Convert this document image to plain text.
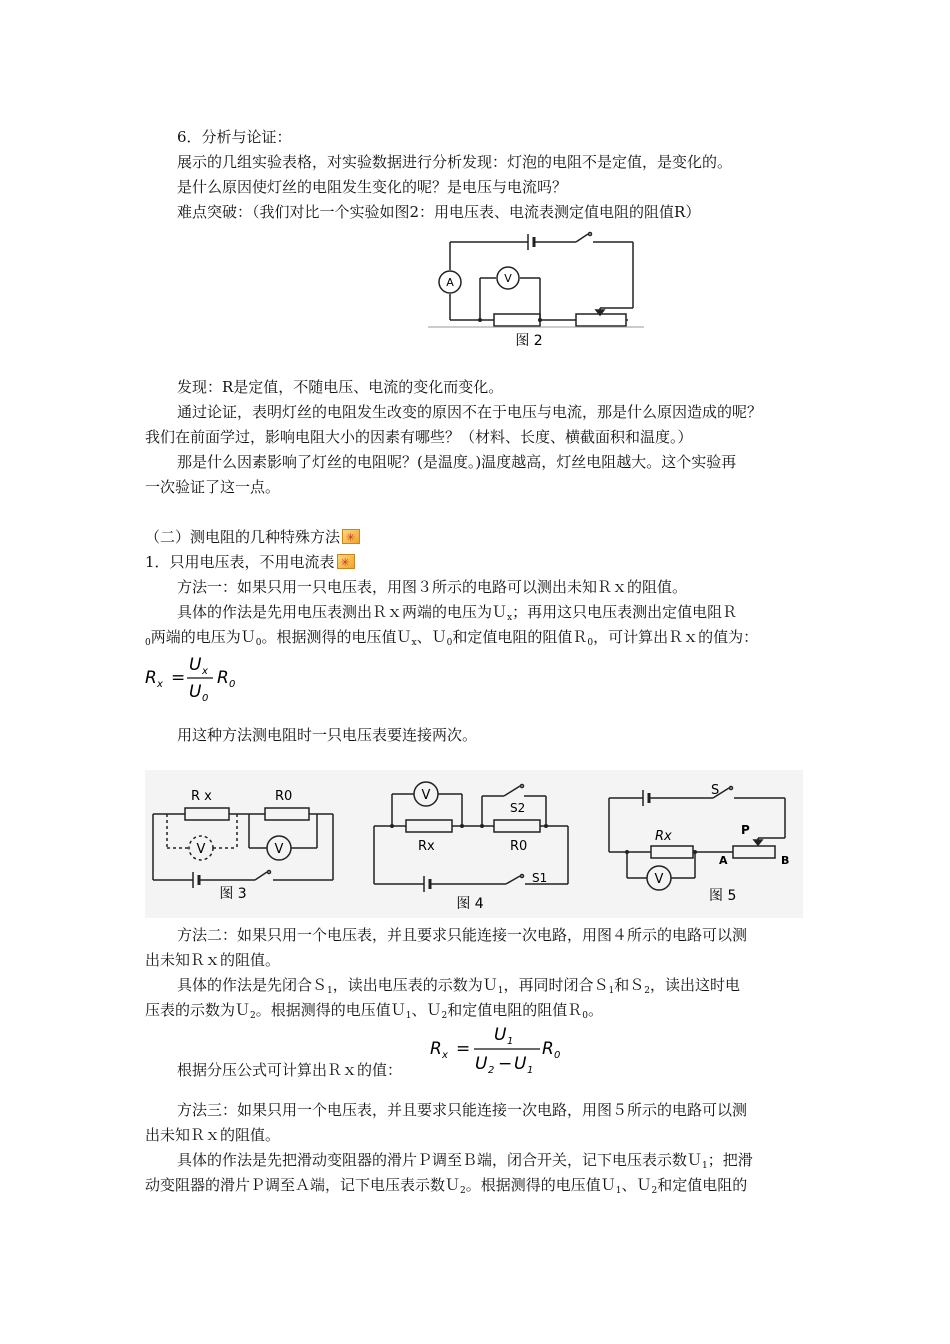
6．分析与论证：
展示的几组实验表格，对实验数据进行分析发现：灯泡的电阻不是定值，是变化的。
是什么原因使灯丝的电阻发生变化的呢？是电压与电流吗？
难点突破：（我们对比一个实验如图2：用电压表、电流表测定值电阻的阻值R）
A	V
图 2
发现：R是定值，不随电压、电流的变化而变化。
通过论证，表明灯丝的电阻发生改变的原因不在于电压与电流，那是什么原因造成的呢？
我们在前面学过，影响电阻大小的因素有哪些？（材料、长度、横截面积和温度。）
那是什么因素影响了灯丝的电阻呢？(是温度。)温度越高，灯丝电阻越大。这个实验再
一次验证了这一点。
（二）测电阻的几种特殊方法✳
1．只用电压表，不用电流表✳
方法一：如果只用一只电压表，用图３所示的电路可以测出未知Ｒｘ的阻值。
具体的作法是先用电压表测出Ｒｘ两端的电压为Ｕ$_x$；再用这只电压表测出定值电阻Ｒ
$_0$两端的电压为Ｕ$_0$。根据测得的电压值Ｕ$_x$、Ｕ$_0$和定值电阻的阻值Ｒ$_0$，可计算出Ｒｘ的值为：
R x =
U x
U 0
R 0
用这种方法测电阻时一只电压表要连接两次。
R x	R0
V	V
图 3
V
S2
Rx	R0
S1
图 4
S
Rx	P
A	B
V
图 5
方法二：如果只用一个电压表，并且要求只能连接一次电路，用图４所示的电路可以测
出未知Ｒｘ的阻值。
具体的作法是先闭合Ｓ$_1$，读出电压表的示数为Ｕ$_1$，再同时闭合Ｓ$_1$和Ｓ$_2$，读出这时电
压表的示数为Ｕ$_2$。根据测得的电压值Ｕ$_1$、Ｕ$_2$和定值电阻的阻值Ｒ$_0$。
R x =
U 1
U 2 − U 1
R 0
根据分压公式可计算出Ｒｘ的值：
方法三：如果只用一个电压表，并且要求只能连接一次电路，用图５所示的电路可以测
出未知Ｒｘ的阻值。
具体的作法是先把滑动变阻器的滑片Ｐ调至Ｂ端，闭合开关，记下电压表示数Ｕ$_1$；把滑
动变阻器的滑片Ｐ调至Ａ端，记下电压表示数Ｕ$_2$。根据测得的电压值Ｕ$_1$、Ｕ$_2$和定值电阻的
